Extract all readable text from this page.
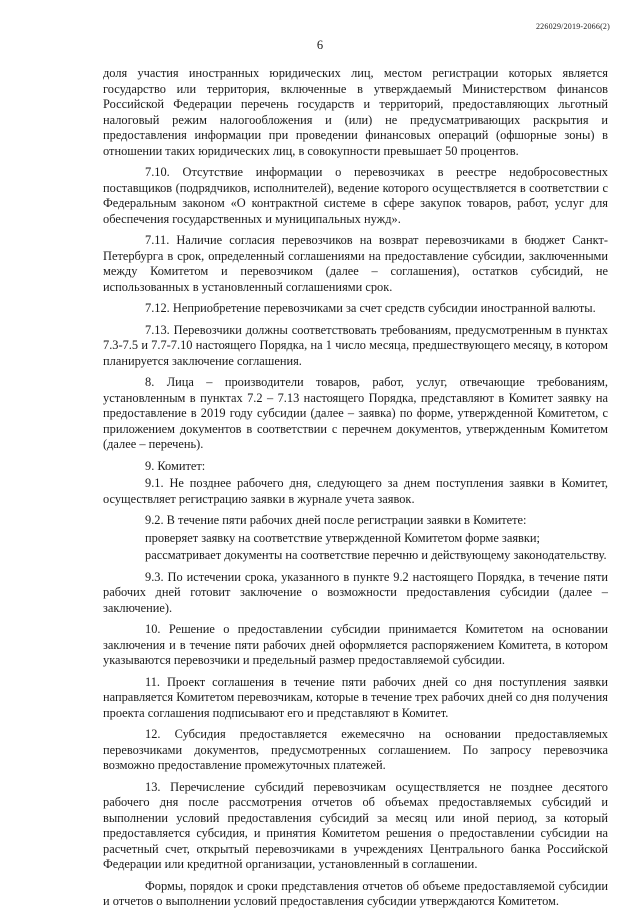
226029/2019-2066(2)
6

доля участия иностранных юридических лиц, местом регистрации которых является государство или территория, включенные в утверждаемый Министерством финансов Российской Федерации перечень государств и территорий, предоставляющих льготный налоговый режим налогообложения и (или) не предусматривающих раскрытия и предоставления информации при проведении финансовых операций (офшорные зоны) в отношении таких юридических лиц, в совокупности превышает 50 процентов.

7.10. Отсутствие информации о перевозчиках в реестре недобросовестных поставщиков (подрядчиков, исполнителей), ведение которого осуществляется в соответствии с Федеральным законом «О контрактной системе в сфере закупок товаров, работ, услуг для обеспечения государственных и муниципальных нужд».

7.11. Наличие согласия перевозчиков на возврат перевозчиками в бюджет Санкт-Петербурга в срок, определенный соглашениями на предоставление субсидии, заключенными между Комитетом и перевозчиком (далее – соглашения), остатков субсидий, не использованных в установленный соглашениями срок.

7.12. Неприобретение перевозчиками за счет средств субсидии иностранной валюты.

7.13. Перевозчики должны соответствовать требованиям, предусмотренным в пунктах 7.3-7.5 и 7.7-7.10 настоящего Порядка, на 1 число месяца, предшествующего месяцу, в котором планируется заключение соглашения.

8. Лица – производители товаров, работ, услуг, отвечающие требованиям, установленным в пунктах 7.2 – 7.13 настоящего Порядка, представляют в Комитет заявку на предоставление в 2019 году субсидии (далее – заявка) по форме, утвержденной Комитетом, с приложением документов в соответствии с перечнем документов, утвержденным Комитетом (далее – перечень).

9. Комитет:

9.1. Не позднее рабочего дня, следующего за днем поступления заявки в Комитет, осуществляет регистрацию заявки в журнале учета заявок.

9.2. В течение пяти рабочих дней после регистрации заявки в Комитете:

проверяет заявку на соответствие утвержденной Комитетом форме заявки;

рассматривает документы на соответствие перечню и действующему законодательству.

9.3. По истечении срока, указанного в пункте 9.2 настоящего Порядка, в течение пяти рабочих дней готовит заключение о возможности предоставления субсидии (далее – заключение).

10. Решение о предоставлении субсидии принимается Комитетом на основании заключения и в течение пяти рабочих дней оформляется распоряжением Комитета, в котором указываются перевозчики и предельный размер предоставляемой субсидии.

11. Проект соглашения в течение пяти рабочих дней со дня поступления заявки направляется Комитетом перевозчикам, которые в течение трех рабочих дней со дня получения проекта соглашения подписывают его и представляют в Комитет.

12. Субсидия предоставляется ежемесячно на основании предоставляемых перевозчиками документов, предусмотренных соглашением. По запросу перевозчика возможно предоставление промежуточных платежей.

13. Перечисление субсидий перевозчикам осуществляется не позднее десятого рабочего дня после рассмотрения отчетов об объемах предоставляемых субсидий и выполнении условий предоставления субсидий за месяц или иной период, за который предоставляется субсидия, и принятия Комитетом решения о предоставлении субсидии на расчетный счет, открытый перевозчиками в учреждениях Центрального банка Российской Федерации или кредитной организации, установленный в соглашении.

Формы, порядок и сроки представления отчетов об объеме предоставляемой субсидии и отчетов о выполнении условий предоставления субсидии утверждаются Комитетом.
